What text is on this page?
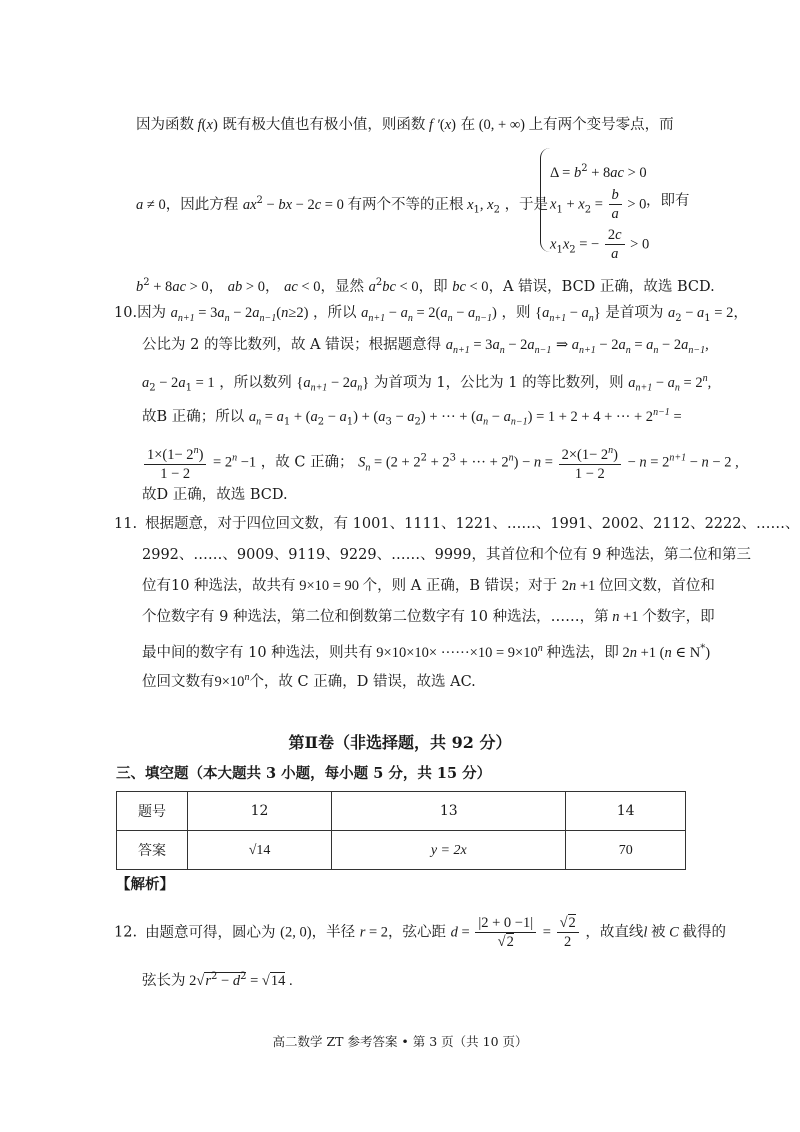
因为函数 f(x) 既有极大值也有极小值，则函数 f ′(x) 在 (0, + ∞) 上有两个变号零点，而
a ≠ 0，因此方程 $ax^2$ − bx − 2c = 0 有两个不等的正根 $x_1$, $x_2$ ，于是
$\Delta = b^2 + 8ac > 0$
$x_1 + x_2 = \frac{b}{a} > 0$
$x_1x_2$ = − $\frac{2c}{a} > 0$
，即有
$b^2 + 8ac > 0$， ab > 0， ac < 0，显然 $a^2bc < 0$，即 bc < 0，A 错误，BCD 正确，故选 BCD.
10.因为 $a_{n+1} = 3a_n - 2a_{n-1}(n\ge 2)$ ，所以 $a_{n+1} - a_n = 2(a_n - a_{n-1})$ ，则 $\{a_{n+1} - a_n\}$ 是首项为 $a_2 - a_1 = 2$，
公比为 2 的等比数列，故 A 错误；根据题意得 $a_{n+1} = 3a_n - 2a_{n-1}$ ⇒ $a_{n+1} - 2a_n = a_n - 2a_{n-1}$,
$a_2 - 2a_1 = 1$ ，所以数列 $\{a_{n+1} - 2a_n\}$ 为首项为 1，公比为 1 的等比数列，则 $a_{n+1} - a_n = 2^n$,
故B 正确；所以 $a_n = a_1 + (a_2 - a_1) + (a_3 - a_2)$ + ··· + $(a_n - a_{n-1}) = 1 + 2 + 4$ + ··· + $2^{n-1}$ =
$\frac{1\times(1- 2^n)}{1 - 2} = 2^n -1$ ，故 C 正确； $S_n = (2 + 2^2 + 2^3$ + ··· + $2^n) - n = \frac{2\times(1- 2^n)}{1 - 2} - n = 2^{n+1} - n - 2$ ,
故D 正确，故选 BCD.
11. 根据题意，对于四位回文数，有 1001、1111、1221、……、1991、2002、2112、2222、……、
2992、……、9009、9119、9229、……、9999，其首位和个位有 9 种选法，第二位和第三
位有10 种选法，故共有 9×10 = 90 个，则 A 正确，B 错误；对于 2n +1 位回文数，首位和
个位数字有 9 种选法，第二位和倒数第二位数字有 10 种选法，……，第 n +1 个数字，即
最中间的数字有 10 种选法，则共有 $9\times 10\times 10\times \cdot\cdot\cdot\cdot\cdot\cdot\times 10 = 9\times 10^n$ 种选法，即 2n +1 (n ∈ N*)
位回文数有$9\times 10^n$个，故 C 正确，D 错误，故选 AC.
第Ⅱ卷（非选择题，共 92 分）
三、填空题（本大题共 3 小题，每小题 5 分，共 15 分）
题号	12	13	14
答案	√14	y = 2x	70
【解析】
12. 由题意可得，圆心为 (2, 0)，半径 r = 2，弦心距 $d = \frac{|2 + 0 -1|}{√2} = \frac{√2}{2}$ ，故直线l 被 C 截得的
弦长为 $2√r^2 - d^2 = √14$ .
高二数学 ZT 参考答案 • 第 3 页（共 10 页）
